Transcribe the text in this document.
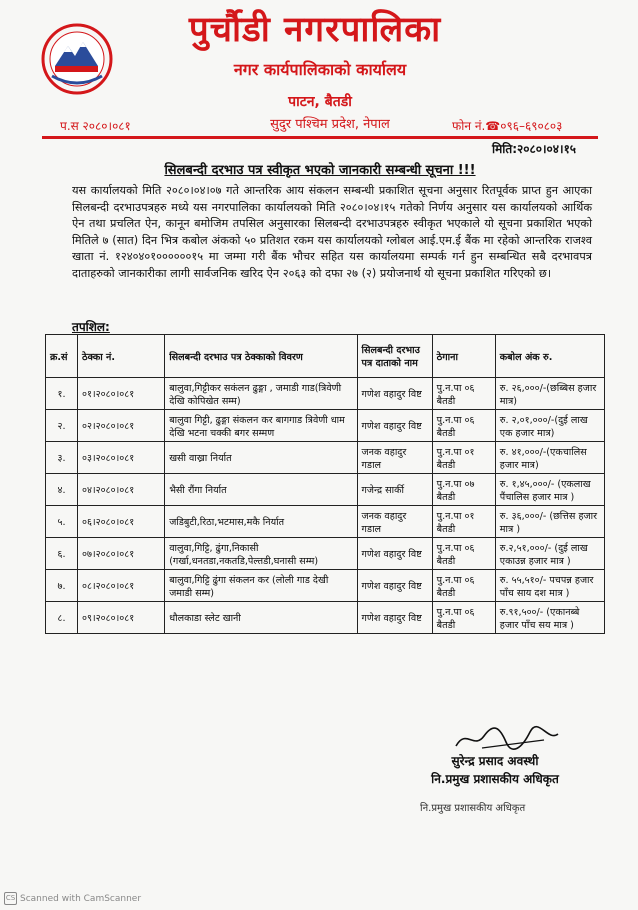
पुर्चौडी नगरपालिका
नगर कार्यपालिकाको कार्यालय
पाटन, बैतडी
सुदुर पश्चिम प्रदेश, नेपाल
प.स २०८०।०८१	फोन नं.☎०९६–६९०८०३
मिति:२०८०।०४।१५
सिलबन्दी दरभाउ पत्र स्वीकृत भएको जानकारी सम्बन्धी सूचना !!!
यस कार्यालयको मिति २०८०।०४।०७ गते आन्तरिक आय संकलन सम्बन्धी प्रकाशित सूचना अनुसार रितपूर्वक प्राप्त हुन आएका सिलबन्दी दरभाउपत्रहरु मध्ये यस नगरपालिका कार्यालयको मिति २०८०।०४।१५ गतेको निर्णय अनुसार यस कार्यालयको आर्थिक ऐन तथा प्रचलित ऐन, कानून बमोजिम तपसिल अनुसारका सिलबन्दी दरभाउपत्रहरु स्वीकृत भएकाले यो सूचना प्रकाशित भएको मितिले ७ (सात) दिन भित्र कबोल अंकको ५० प्रतिशत रकम यस कार्यालयको ग्लोबल आई.एम.ई बैंक मा रहेको आन्तरिक राजश्व खाता नं. १२४०४०१००००००१५ मा जम्मा गरी बैंक भौचर सहित यस कार्यालयमा सम्पर्क गर्न हुन सम्बन्धित सबै दरभावपत्र दाताहरुको जानकारीका लागी सार्वजनिक खरिद ऐन २०६३ को दफा २७ (२) प्रयोजनार्थ यो सूचना प्रकाशित गरिएको छ।
तपशिल:
क्र.सं	ठेक्का नं.	सिलबन्दी दरभाउ पत्र ठेक्काको विवरण	सिलबन्दी दरभाउ पत्र दाताको नाम	ठेगाना	कबोल अंक रु.
१.	०१।२०८०।०८१	बालुवा,गिट्टीकर सकंलन ढुङ्गा , जमाडी गाड(त्रिवेणी देखि कोपिखेत सम्म)	गणेश वहादुर विष्ट	पु.न.पा ०६ बैतडी	रु. २६,०००/-(छब्बिस हजार मात्र)
२.	०२।२०८०।०८१	बालुवा गिट्टी, ढुङ्गा संकलन कर बागगाड त्रिवेणी धाम देखि भटना चक्की बगर सम्मण	गणेश वहादुर विष्ट	पु.न.पा ०६ बैतडी	रु. २,०१,०००/-(दुई लाख एक हजार मात्र)
३.	०३।२०८०।०८१	खसी वाख्रा निर्यात	जनक वहादुर गडाल	पु.न.पा ०१ बैतडी	रु. ४१,०००/-(एकचालिस हजार मात्र)
४.	०४।२०८०।०८१	भैसी रौंगा निर्यात	गजेन्द्र सार्की	पु.न.पा ०७ बैतडी	रु. १,४५,०००/- (एकलाख पैंचालिस हजार मात्र )
५.	०६।२०८०।०८१	जडिबुटी,रिठा,भटमास,मकै निर्यात	जनक वहादुर गडाल	पु.न.पा ०१ बैतडी	रु. ३६,०००/- (छत्तिस हजार मात्र )
६.	०७।२०८०।०८१	वालुवा,गिट्टि, ढुंगा,निकासी (गर्खा,धनतडा,नकतडि,पेल्तडी,घनासी सम्म)	गणेश वहादुर विष्ट	पु.न.पा ०६ बैतडी	रु.२,५१,०००/- (दुई लाख एकाउन्न हजार मात्र )
७.	०८।२०८०।०८१	बालुवा,गिट्टि ढुंगा संकलन कर (लोली गाड देखी जमाडी सम्म)	गणेश वहादुर विष्ट	पु.न.पा ०६ बैतडी	रु. ५५,५१०/- पचपन्न हजार पाँच साय दश मात्र )
८.	०९।२०८०।०८१	धौलकाडा स्लेट खानी	गणेश वहादुर विष्ट	पु.न.पा ०६ बैतडी	रु.९१,५००/- (एकानब्बे हजार पाँच सय मात्र )
सुरेन्द्र प्रसाद अवस्थी
नि.प्रमुख प्रशासकीय अधिकृत
नि.प्रमुख प्रशासकीय अधिकृत
CS Scanned with CamScanner
